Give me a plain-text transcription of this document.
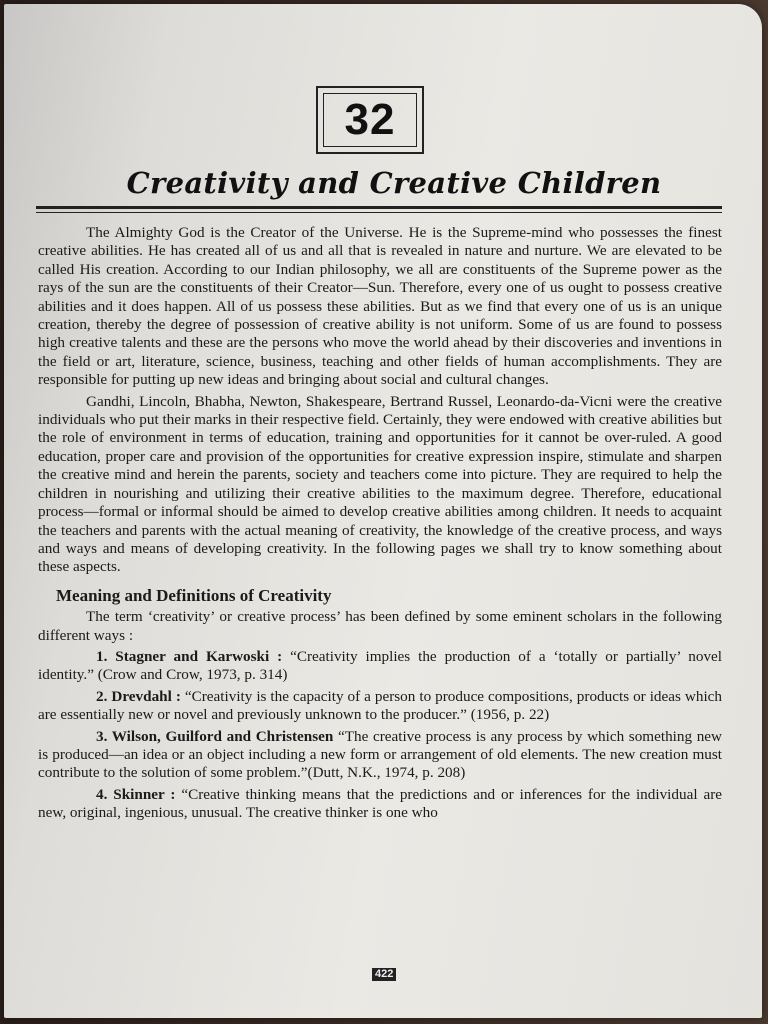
32
Creativity and Creative Children

The Almighty God is the Creator of the Universe. He is the Supreme-mind who possesses the finest creative abilities. He has created all of us and all that is revealed in nature and nurture. We are elevated to be called His creation. According to our Indian philosophy, we all are constituents of the Supreme power as the rays of the sun are the constituents of their Creator—Sun. Therefore, every one of us ought to possess creative abilities and it does happen. All of us possess these abilities. But as we find that every one of us is an unique creation, thereby the degree of possession of creative ability is not uniform. Some of us are found to possess high creative talents and these are the persons who move the world ahead by their discoveries and inventions in the field or art, literature, science, business, teaching and other fields of human accomplishments. They are responsible for putting up new ideas and bringing about social and cultural changes.

Gandhi, Lincoln, Bhabha, Newton, Shakespeare, Bertrand Russel, Leonardo-da-Vicni were the creative individuals who put their marks in their respective field. Certainly, they were endowed with creative abilities but the role of environment in terms of education, training and opportunities for it cannot be over-ruled. A good education, proper care and provision of the opportunities for creative expression inspire, stimulate and sharpen the creative mind and herein the parents, society and teachers come into picture. They are required to help the children in nourishing and utilizing their creative abilities to the maximum degree. Therefore, educational process—formal or informal should be aimed to develop creative abilities among children. It needs to acquaint the teachers and parents with the actual meaning of creativity, the knowledge of the creative process, and ways and ways and means of developing creativity. In the following pages we shall try to know something about these aspects.

Meaning and Definitions of Creativity

The term ‘creativity’ or creative process’ has been defined by some eminent scholars in the following different ways :

1. Stagner and Karwoski : “Creativity implies the production of a ‘totally or partially’ novel identity.” (Crow and Crow, 1973, p. 314)

2. Drevdahl : “Creativity is the capacity of a person to produce compositions, products or ideas which are essentially new or novel and previously unknown to the producer.” (1956, p. 22)

3. Wilson, Guilford and Christensen “The creative process is any process by which something new is produced—an idea or an object including a new form or arrangement of old elements. The new creation must contribute to the solution of some problem.”(Dutt, N.K., 1974, p. 208)

4. Skinner : “Creative thinking means that the predictions and or inferences for the individual are new, original, ingenious, unusual. The creative thinker is one who

422
